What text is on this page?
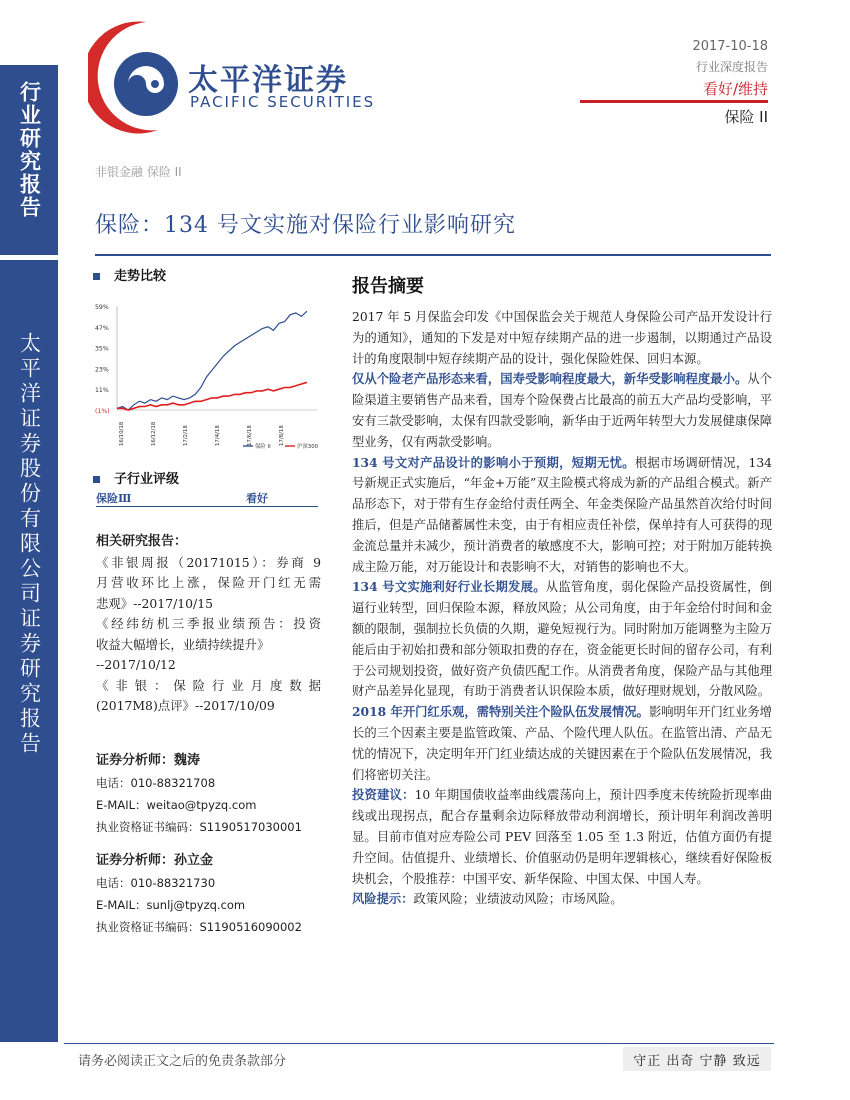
行业研究报告
太平洋证券股份有限公司证券研究报告
太平洋证券
PACIFIC SECURITIES
2017-10-18
行业深度报告
看好/维持
保险 II
非银金融 保险 II
保险：134 号文实施对保险行业影响研究
走势比较
59%
47%
35%
23%
11%
(1%)
16/10/18	16/12/18	17/2/18	17/4/18	17/6/18	17/8/18
保险 II	沪深300
子行业评级
保险Ⅲ	看好
相关研究报告：

《非银周报（20171015）：券商 9

月营收环比上涨，保险开门红无需

悲观》--2017/10/15

《经纬纺机三季报业绩预告：投资

收益大幅增长，业绩持续提升》

--2017/10/12

《非银：保险行业月度数据

(2017M8)点评》--2017/10/09

证券分析师：魏涛
电话：010-88321708
E-MAIL：weitao@tpyzq.com
执业资格证书编码：S1190517030001
证券分析师：孙立金
电话：010-88321730
E-MAIL：sunlj@tpyzq.com
执业资格证书编码：S1190516090002
报告摘要

2017 年 5 月保监会印发《中国保监会关于规范人身保险公司产品开发设计行为的通知》，通知的下发是对中短存续期产品的进一步遏制，以期通过产品设计的角度限制中短存续期产品的设计，强化保险姓保、回归本源。

仅从个险老产品形态来看，国寿受影响程度最大，新华受影响程度最小。从个险渠道主要销售产品来看，国寿个险保费占比最高的前五大产品均受影响，平安有三款受影响，太保有四款受影响，新华由于近两年转型大力发展健康保障型业务，仅有两款受影响。

134 号文对产品设计的影响小于预期，短期无忧。根据市场调研情况，134 号新规正式实施后，“年金+万能”双主险模式将成为新的产品组合模式。新产品形态下，对于带有生存金给付责任两全、年金类保险产品虽然首次给付时间推后，但是产品储蓄属性未变，由于有相应责任补偿，保单持有人可获得的现金流总量并未减少，预计消费者的敏感度不大，影响可控；对于附加万能转换成主险万能，对万能设计和表影响不大，对销售的影响也不大。

134 号文实施利好行业长期发展。从监管角度，弱化保险产品投资属性，倒逼行业转型，回归保险本源，释放风险；从公司角度，由于年金给付时间和金额的限制，强制拉长负债的久期，避免短视行为。同时附加万能调整为主险万能后由于初始扣费和部分领取扣费的存在，资金能更长时间的留存公司，有利于公司规划投资，做好资产负债匹配工作。从消费者角度，保险产品与其他理财产品差异化显现，有助于消费者认识保险本质，做好理财规划，分散风险。

2018 年开门红乐观，需特别关注个险队伍发展情况。影响明年开门红业务增长的三个因素主要是监管政策、产品、个险代理人队伍。在监管出清、产品无忧的情况下，决定明年开门红业绩达成的关键因素在于个险队伍发展情况，我们将密切关注。

投资建议：10 年期国债收益率曲线震荡向上，预计四季度末传统险折现率曲线或出现拐点，配合存量剩余边际释放带动利润增长，预计明年利润改善明显。目前市值对应寿险公司 PEV 回落至 1.05 至 1.3 附近，估值方面仍有提升空间。估值提升、业绩增长、价值驱动仍是明年逻辑核心，继续看好保险板块机会，个股推荐：中国平安、新华保险、中国太保、中国人寿。

风险提示：政策风险；业绩波动风险；市场风险。

请务必阅读正文之后的免责条款部分	守正 出奇 宁静 致远
